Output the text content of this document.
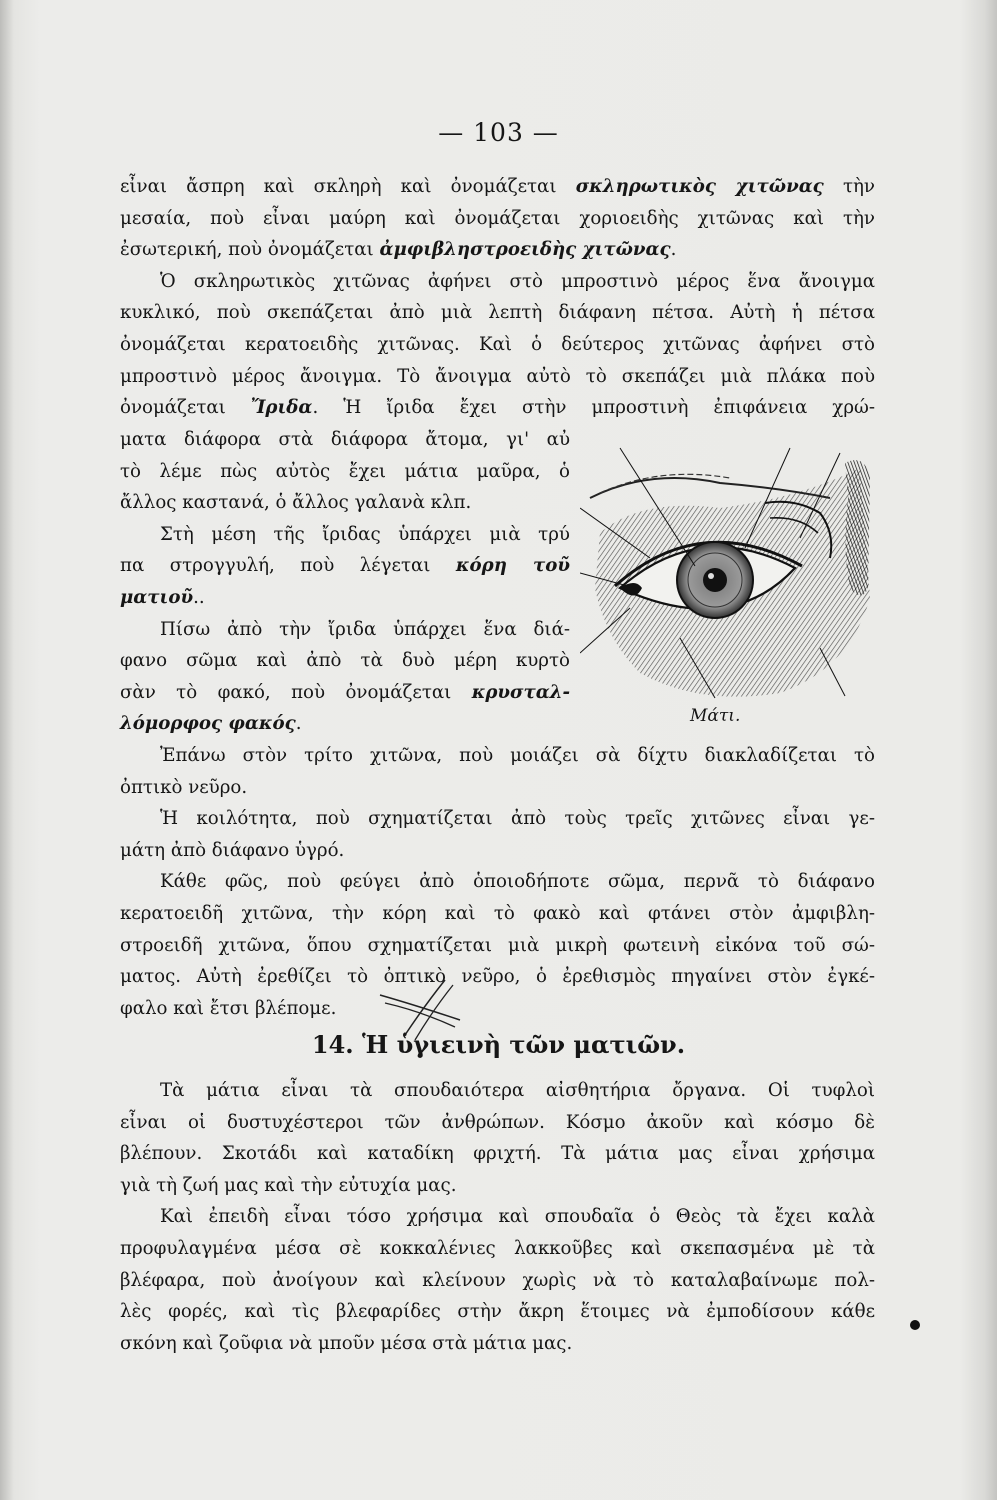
— 103 —
εἶναι ἄσπρη καὶ σκληρὴ καὶ ὀνομάζεται σκληρωτικὸς χιτῶνας τὴν
μεσαία, ποὺ εἶναι μαύρη καὶ ὀνομάζεται χοριοειδὴς χιτῶνας καὶ τὴν
ἐσωτερική, ποὺ ὀνομάζεται ἀμφιβληστροειδὴς χιτῶνας.
Ὁ σκληρωτικὸς χιτῶνας ἀφήνει στὸ μπροστινὸ μέρος ἕνα ἄνοιγμα
κυκλικό, ποὺ σκεπάζεται ἀπὸ μιὰ λεπτὴ διάφανη πέτσα. Αὐτὴ ἡ πέτσα
ὀνομάζεται κερατοειδὴς χιτῶνας. Καὶ ὁ δεύτερος χιτῶνας ἀφήνει στὸ
μπροστινὸ μέρος ἄνοιγμα. Τὸ ἄνοιγμα αὐτὸ τὸ σκεπάζει μιὰ πλάκα ποὺ
ὀνομάζεται Ἴριδα. Ἡ ἴριδα ἔχει στὴν μπροστινὴ ἐπιφάνεια χρώ-
ματα διάφορα στὰ διάφορα ἄτομα, γι' αὐ
τὸ λέμε πὼς αὐτὸς ἔχει μάτια μαῦρα, ὁ
ἄλλος καστανά, ὁ ἄλλος γαλανὰ κλπ.
Στὴ μέση τῆς ἴριδας ὑπάρχει μιὰ τρύ
πα στρογγυλή, ποὺ λέγεται κόρη τοῦ
ματιοῦ..
Πίσω ἀπὸ τὴν ἴριδα ὑπάρχει ἕνα διά-
φανο σῶμα καὶ ἀπὸ τὰ δυὸ μέρη κυρτὸ
σὰν τὸ φακό, ποὺ ὀνομάζεται κρυσταλ-
λόμορφος φακός.	Μάτι.
Ἐπάνω στὸν τρίτο χιτῶνα, ποὺ μοιάζει σὰ δίχτυ διακλαδίζεται τὸ
ὀπτικὸ νεῦρο.
Ἡ κοιλότητα, ποὺ σχηματίζεται ἀπὸ τοὺς τρεῖς χιτῶνες εἶναι γε-
μάτη ἀπὸ διάφανο ὑγρό.
Κάθε φῶς, ποὺ φεύγει ἀπὸ ὁποιοδήποτε σῶμα, περνᾶ τὸ διάφανο
κερατοειδῆ χιτῶνα, τὴν κόρη καὶ τὸ φακὸ καὶ φτάνει στὸν ἀμφιβλη-
στροειδῆ χιτῶνα, ὅπου σχηματίζεται μιὰ μικρὴ φωτεινὴ εἰκόνα τοῦ σώ-
ματος. Αὐτὴ ἐρεθίζει τὸ ὀπτικὸ νεῦρο, ὁ ἐρεθισμὸς πηγαίνει στὸν ἐγκέ-
φαλο καὶ ἔτσι βλέπομε.
14. Ἡ ὑγιεινὴ τῶν ματιῶν.
Τὰ μάτια εἶναι τὰ σπουδαιότερα αἰσθητήρια ὄργανα. Οἱ τυφλοὶ
εἶναι οἱ δυστυχέστεροι τῶν ἀνθρώπων. Κόσμο ἀκοῦν καὶ κόσμο δὲ
βλέπουν. Σκοτάδι καὶ καταδίκη φριχτή. Τὰ μάτια μας εἶναι χρήσιμα
γιὰ τὴ ζωή μας καὶ τὴν εὐτυχία μας.
Καὶ ἐπειδὴ εἶναι τόσο χρήσιμα καὶ σπουδαῖα ὁ Θεὸς τὰ ἔχει καλὰ
προφυλαγμένα μέσα σὲ κοκκαλένιες λακκοῦβες καὶ σκεπασμένα μὲ τὰ
βλέφαρα, ποὺ ἀνοίγουν καὶ κλείνουν χωρὶς νὰ τὸ καταλαβαίνωμε πολ-
λὲς φορές, καὶ τὶς βλεφαρίδες στὴν ἄκρη ἕτοιμες νὰ ἐμποδίσουν κάθε
σκόνη καὶ ζοῦφια νὰ μποῦν μέσα στὰ μάτια μας.
